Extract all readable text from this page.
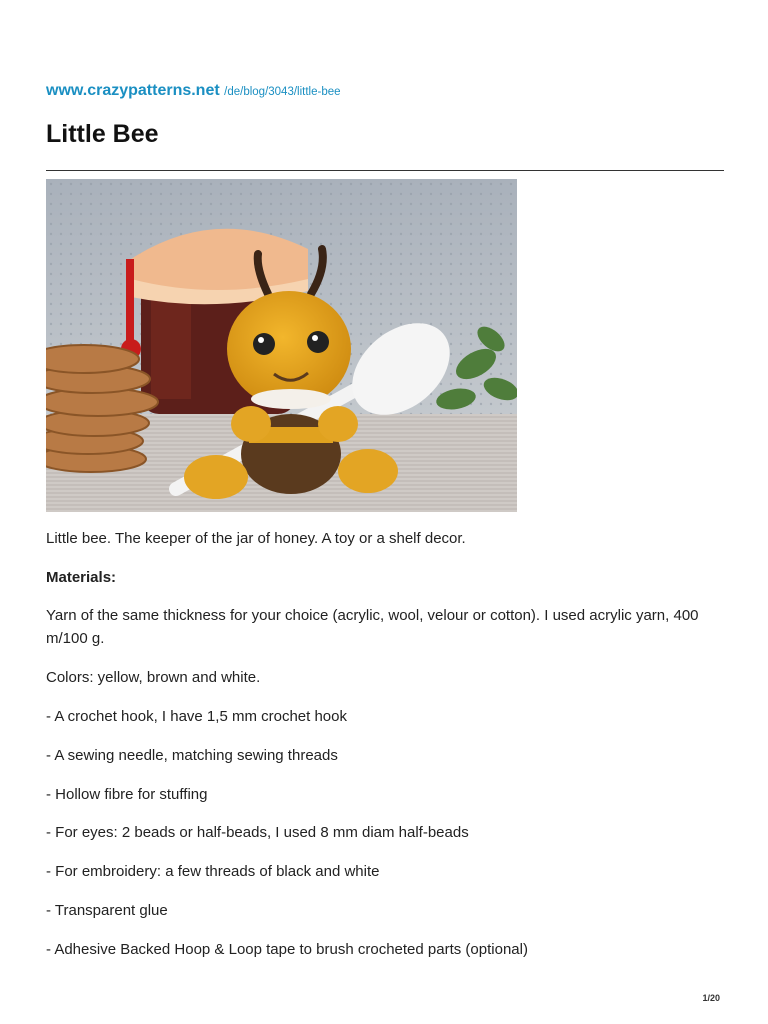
www.crazypatterns.net /de/blog/3043/little-bee
Little Bee

Little bee. The keeper of the jar of honey. A toy or a shelf decor.

Materials:

Yarn of the same thickness for your choice (acrylic, wool, velour or cotton). I used acrylic yarn, 400 m/100 g.

Colors: yellow, brown and white.

- A crochet hook, I have 1,5 mm crochet hook

- A sewing needle, matching sewing threads

- Hollow fibre for stuffing

- For eyes: 2 beads or half-beads, I used 8 mm diam half-beads

- For embroidery: a few threads of black and white

- Transparent glue

- Adhesive Backed Hoop & Loop tape to brush crocheted parts (optional)

1/20
